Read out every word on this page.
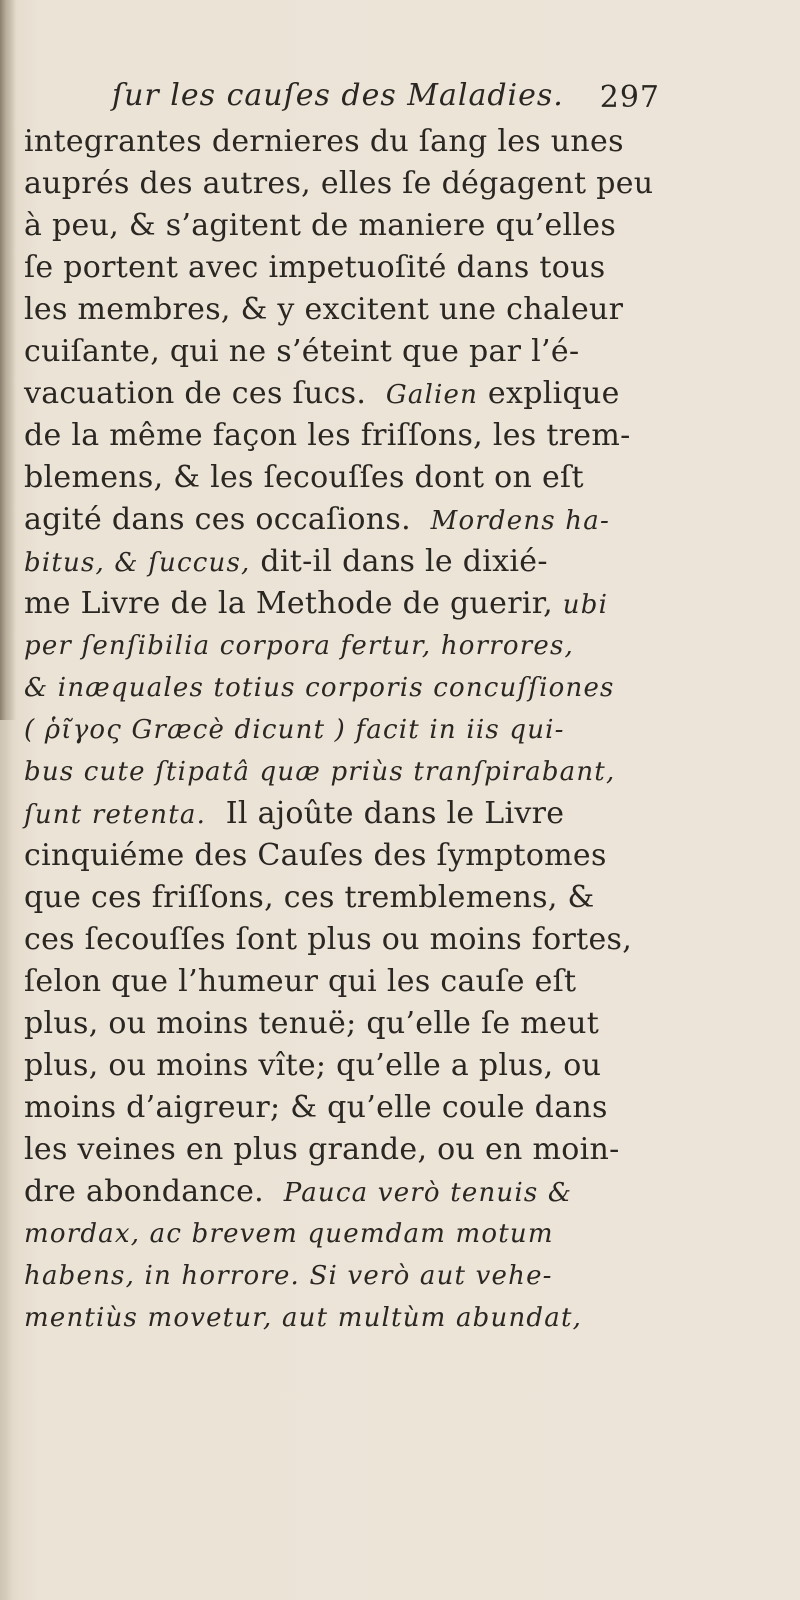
ſur les cauſes des Maladies. 297
integrantes dernieres du ſang les unes
auprés des autres, elles ſe dégagent peu
à peu, & s’agitent de maniere qu’elles
ſe portent avec impetuoſité dans tous
les membres, & y excitent une chaleur
cuiſante, qui ne s’éteint que par l’é-
vacuation de ces ſucs. Galien explique
de la même façon les friſſons, les trem-
blemens, & les ſecouſſes dont on eſt
agité dans ces occaſions. Mordens ha-
bitus, & ſuccus, dit-il dans le dixié-
me Livre de la Methode de guerir, ubi
per ſenſibilia corpora fertur, horrores,
& inæquales totius corporis concuſſiones
( ῥῖγος Græcè dicunt ) facit in iis qui-
bus cute ſtipatâ quæ priùs tranſpirabant,
ſunt retenta. Il ajoûte dans le Livre
cinquiéme des Cauſes des ſymptomes
que ces friſſons, ces tremblemens, &
ces ſecouſſes ſont plus ou moins fortes,
ſelon que l’humeur qui les cauſe eſt
plus, ou moins tenuë; qu’elle ſe meut
plus, ou moins vîte; qu’elle a plus, ou
moins d’aigreur; & qu’elle coule dans
les veines en plus grande, ou en moin-
dre abondance. Pauca verò tenuis &
mordax, ac brevem quemdam motum
habens, in horrore. Si verò aut vehe-
mentiùs movetur, aut multùm abundat,
